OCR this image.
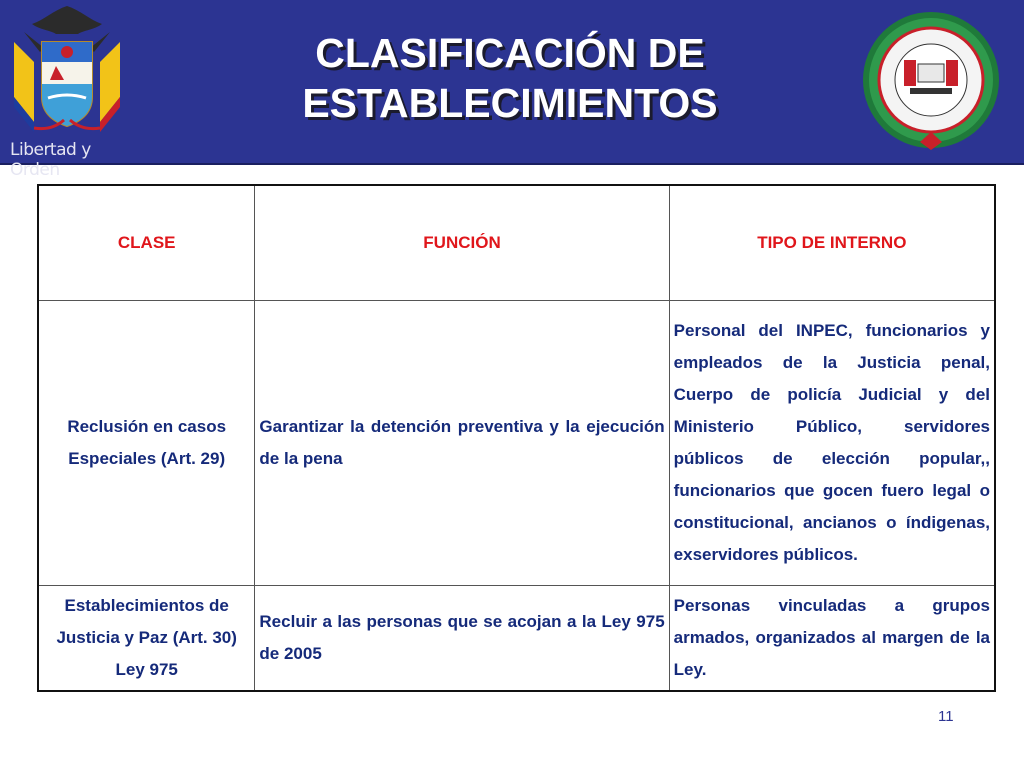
Libertad y Orden
CLASIFICACIÓN DE
ESTABLECIMIENTOS
CLASE	FUNCIÓN	TIPO DE INTERNO
Reclusión en casos Especiales (Art. 29)	Garantizar la detención preventiva y la ejecución de la pena	Personal del INPEC, funcionarios y empleados de la Justicia penal, Cuerpo de policía Judicial y del Ministerio Público, servidores públicos de elección popular,, funcionarios que gocen fuero legal o constitucional, ancianos o índigenas, exservidores públicos.
Establecimientos de Justicia y Paz (Art. 30) Ley 975	Recluir a las personas que se acojan a la Ley 975 de 2005	Personas vinculadas a grupos armados, organizados al margen de la Ley.
11
